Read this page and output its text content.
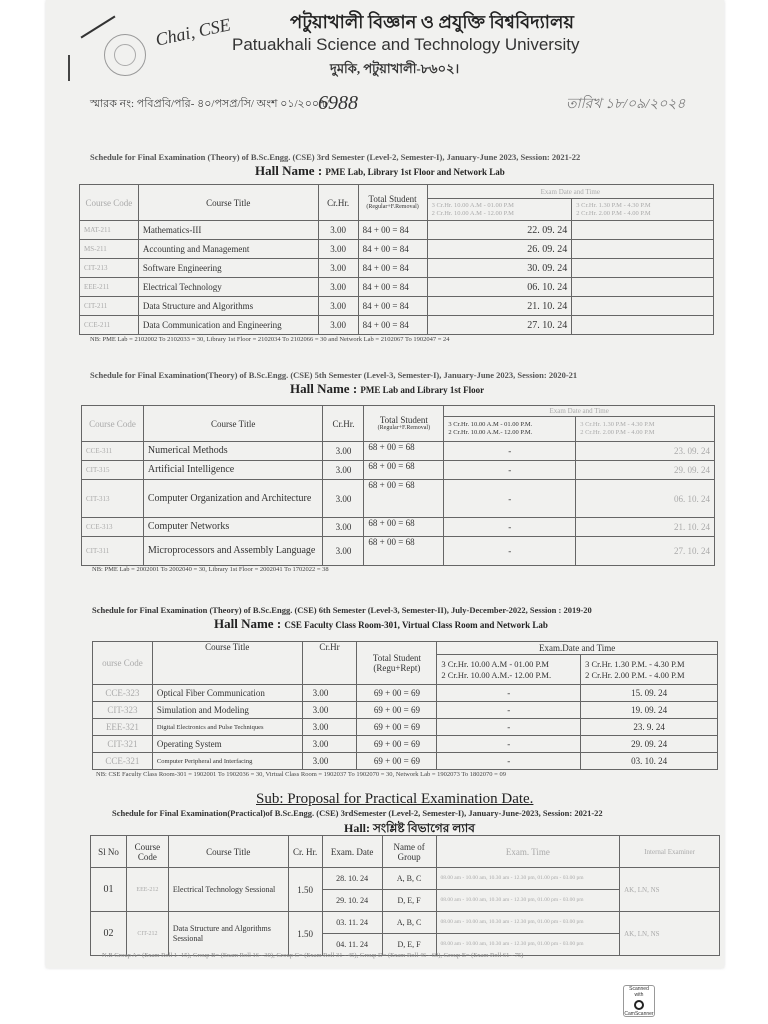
Chai, CSE	পটুয়াখালী বিজ্ঞান ও প্রযুক্তি বিশ্ববিদ্যালয়
Patuakhali Science and Technology University
দুমকি, পটুয়াখালী-৮৬০২।
স্মারক নং: পবিপ্রবি/পরি- ৪০/পসপ্র/সি/ অংশ ০১/২০০৭/
6988	তারিখ ১৮/০৯/২০২৪
Schedule for Final Examination (Theory) of B.Sc.Engg. (CSE) 3rd Semester (Level-2, Semester-I), January-June 2023, Session: 2021-22
Hall Name : PME Lab, Library 1st Floor and Network Lab
Course Code	Course Title	Cr.Hr.	Total Student
(Regular+F.Removal)	Exam Date and Time	
				3 Cr.Hr. 10.00 A.M - 01.00 P.M
2 Cr.Hr. 10.00 A.M - 12.00 P.M	3 Cr.Hr. 1.30 P.M - 4.30 P.M
2 Cr.Hr. 2.00 P.M - 4.00 P.M
MAT-211	Mathematics-III	3.00	84 + 00 = 84	22. 09. 24	
MS-211	Accounting and Management	3.00	84 + 00 = 84	26. 09. 24	
CIT-213	Software Engineering	3.00	84 + 00 = 84	30. 09. 24	
EEE-211	Electrical Technology	3.00	84 + 00 = 84	06. 10. 24	
CIT-211	Data Structure and Algorithms	3.00	84 + 00 = 84	21. 10. 24	
CCE-211	Data Communication and Engineering	3.00	84 + 00 = 84	27. 10. 24	
NB: PME Lab = 2102002 To 2102033 = 30, Library 1st Floor = 2102034 To 2102066 = 30 and Network Lab = 2102067 To 1902047 = 24
Schedule for Final Examination(Theory) of B.Sc.Engg. (CSE) 5th Semester (Level-3, Semester-I), January-June 2023, Session: 2020-21
Hall Name : PME Lab and Library 1st Floor
Course Code	Course Title	Cr.Hr.	Total Student
(Regular+F.Removal)	Exam Date and Time	
				3 Cr.Hr. 10.00 A.M - 01.00 P.M.
2 Cr.Hr. 10.00 A.M.- 12.00 P.M.	3 Cr.Hr. 1.30 P.M - 4.30 P.M
2 Cr.Hr. 2.00 P.M - 4.00 P.M
CCE-311	Numerical Methods	3.00	68 + 00 = 68	-	23. 09. 24
CIT-315	Artificial Intelligence	3.00	68 + 00 = 68	-	29. 09. 24
CIT-313	Computer Organization and Architecture	3.00	68 + 00 = 68	-	06. 10. 24
CCE-313	Computer Networks	3.00	68 + 00 = 68	-	21. 10. 24
CIT-311	Microprocessors and Assembly Language	3.00	68 + 00 = 68	-	27. 10. 24
NB: PME Lab = 2002001 To 2002040 = 30, Library 1st Floor = 2002041 To 1702022 = 38
Schedule for Final Examination (Theory) of B.Sc.Engg. (CSE) 6th Semester (Level-3, Semester-II), July-December-2022, Session : 2019-20
Hall Name : CSE Faculty Class Room-301, Virtual Class Room and Network Lab
ourse Code	Course Title	Cr.Hr	Total Student
(Regu+Rept)	Exam.Date and Time	
				3 Cr.Hr. 10.00 A.M - 01.00 P.M
2 Cr.Hr. 10.00 A.M.- 12.00 P.M.	3 Cr.Hr. 1.30 P.M. - 4.30 P.M
2 Cr.Hr. 2.00 P.M. - 4.00 P.M
CCE-323	Optical Fiber Communication	3.00	69 + 00 = 69	-	15. 09. 24
CIT-323	Simulation and Modeling	3.00	69 + 00 = 69	-	19. 09. 24
EEE-321	Digital Electronics and Pulse Techniques	3.00	69 + 00 = 69	-	23. 9. 24
CIT-321	Operating System	3.00	69 + 00 = 69	-	29. 09. 24
CCE-321	Computer Peripheral and Interfacing	3.00	69 + 00 = 69	-	03. 10. 24
NB: CSE Faculty Class Room-301 = 1902001 To 1902036 = 30, Virtual Class Room = 1902037 To 1902070 = 30, Network Lab = 1902073 To 1802070 = 09
Sub: Proposal for Practical Examination Date.
Schedule for Final Examination(Practical)of B.Sc.Engg. (CSE) 3rdSemester (Level-2, Semester-I), January-June-2023, Session: 2021-22
Hall: সংশ্লিষ্ট বিভাগের ল্যাব
Sl No	Course Code	Course Title	Cr. Hr.	Exam. Date	Name of Group	Exam. Time	Internal Examiner
01	EEE-212	Electrical Technology Sessional	1.50	28. 10. 24	A, B, C	08.00 am - 10.00 am, 10.30 am - 12.30 pm, 01.00 pm - 03.00 pm	AK, LN, NS
				29. 10. 24	D, E, F	08.00 am - 10.00 am, 10.30 am - 12.30 pm, 01.00 pm - 03.00 pm	
02	CIT-212	Data Structure and Algorithms Sessional	1.50	03. 11. 24	A, B, C	08.00 am - 10.00 am, 10.30 am - 12.30 pm, 01.00 pm - 03.00 pm	AK, LN, NS
				04. 11. 24	D, E, F	08.00 am - 10.00 am, 10.30 am - 12.30 pm, 01.00 pm - 03.00 pm	
N.B Group A= (Exam Roll 1- 15), Group B= (Exam Roll 16 - 30), Group C= (Exam Roll 31 - 45), Group D= (Exam Roll 46 - 60), Group E= (Exam Roll 61 - 75)
Scanned with
CamScanner
